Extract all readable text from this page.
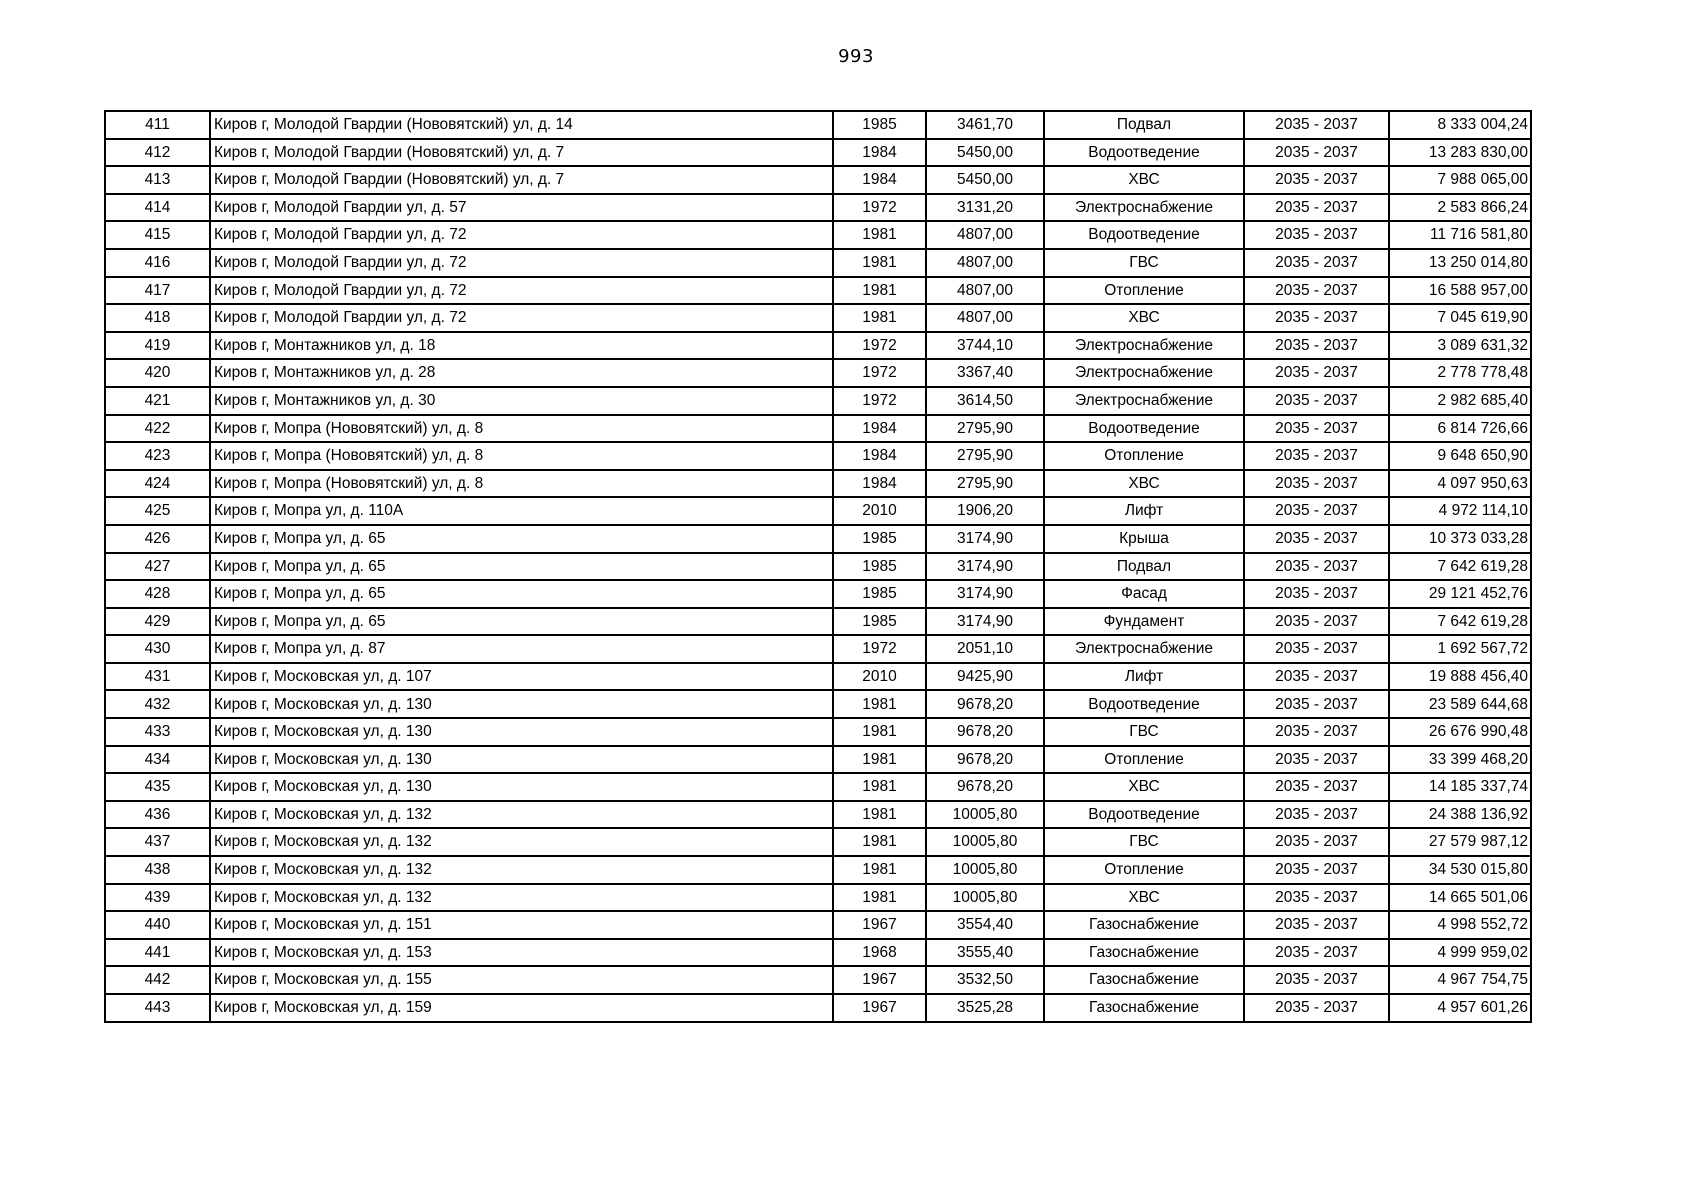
993
411	Киров г, Молодой Гвардии (Нововятский) ул, д. 14	1985	3461,70	Подвал	2035 - 2037	8 333 004,24
412	Киров г, Молодой Гвардии (Нововятский) ул, д. 7	1984	5450,00	Водоотведение	2035 - 2037	13 283 830,00
413	Киров г, Молодой Гвардии (Нововятский) ул, д. 7	1984	5450,00	ХВС	2035 - 2037	7 988 065,00
414	Киров г, Молодой Гвардии ул, д. 57	1972	3131,20	Электроснабжение	2035 - 2037	2 583 866,24
415	Киров г, Молодой Гвардии ул, д. 72	1981	4807,00	Водоотведение	2035 - 2037	11 716 581,80
416	Киров г, Молодой Гвардии ул, д. 72	1981	4807,00	ГВС	2035 - 2037	13 250 014,80
417	Киров г, Молодой Гвардии ул, д. 72	1981	4807,00	Отопление	2035 - 2037	16 588 957,00
418	Киров г, Молодой Гвардии ул, д. 72	1981	4807,00	ХВС	2035 - 2037	7 045 619,90
419	Киров г, Монтажников ул, д. 18	1972	3744,10	Электроснабжение	2035 - 2037	3 089 631,32
420	Киров г, Монтажников ул, д. 28	1972	3367,40	Электроснабжение	2035 - 2037	2 778 778,48
421	Киров г, Монтажников ул, д. 30	1972	3614,50	Электроснабжение	2035 - 2037	2 982 685,40
422	Киров г, Мопра (Нововятский) ул, д. 8	1984	2795,90	Водоотведение	2035 - 2037	6 814 726,66
423	Киров г, Мопра (Нововятский) ул, д. 8	1984	2795,90	Отопление	2035 - 2037	9 648 650,90
424	Киров г, Мопра (Нововятский) ул, д. 8	1984	2795,90	ХВС	2035 - 2037	4 097 950,63
425	Киров г, Мопра ул, д. 110А	2010	1906,20	Лифт	2035 - 2037	4 972 114,10
426	Киров г, Мопра ул, д. 65	1985	3174,90	Крыша	2035 - 2037	10 373 033,28
427	Киров г, Мопра ул, д. 65	1985	3174,90	Подвал	2035 - 2037	7 642 619,28
428	Киров г, Мопра ул, д. 65	1985	3174,90	Фасад	2035 - 2037	29 121 452,76
429	Киров г, Мопра ул, д. 65	1985	3174,90	Фундамент	2035 - 2037	7 642 619,28
430	Киров г, Мопра ул, д. 87	1972	2051,10	Электроснабжение	2035 - 2037	1 692 567,72
431	Киров г, Московская ул, д. 107	2010	9425,90	Лифт	2035 - 2037	19 888 456,40
432	Киров г, Московская ул, д. 130	1981	9678,20	Водоотведение	2035 - 2037	23 589 644,68
433	Киров г, Московская ул, д. 130	1981	9678,20	ГВС	2035 - 2037	26 676 990,48
434	Киров г, Московская ул, д. 130	1981	9678,20	Отопление	2035 - 2037	33 399 468,20
435	Киров г, Московская ул, д. 130	1981	9678,20	ХВС	2035 - 2037	14 185 337,74
436	Киров г, Московская ул, д. 132	1981	10005,80	Водоотведение	2035 - 2037	24 388 136,92
437	Киров г, Московская ул, д. 132	1981	10005,80	ГВС	2035 - 2037	27 579 987,12
438	Киров г, Московская ул, д. 132	1981	10005,80	Отопление	2035 - 2037	34 530 015,80
439	Киров г, Московская ул, д. 132	1981	10005,80	ХВС	2035 - 2037	14 665 501,06
440	Киров г, Московская ул, д. 151	1967	3554,40	Газоснабжение	2035 - 2037	4 998 552,72
441	Киров г, Московская ул, д. 153	1968	3555,40	Газоснабжение	2035 - 2037	4 999 959,02
442	Киров г, Московская ул, д. 155	1967	3532,50	Газоснабжение	2035 - 2037	4 967 754,75
443	Киров г, Московская ул, д. 159	1967	3525,28	Газоснабжение	2035 - 2037	4 957 601,26
